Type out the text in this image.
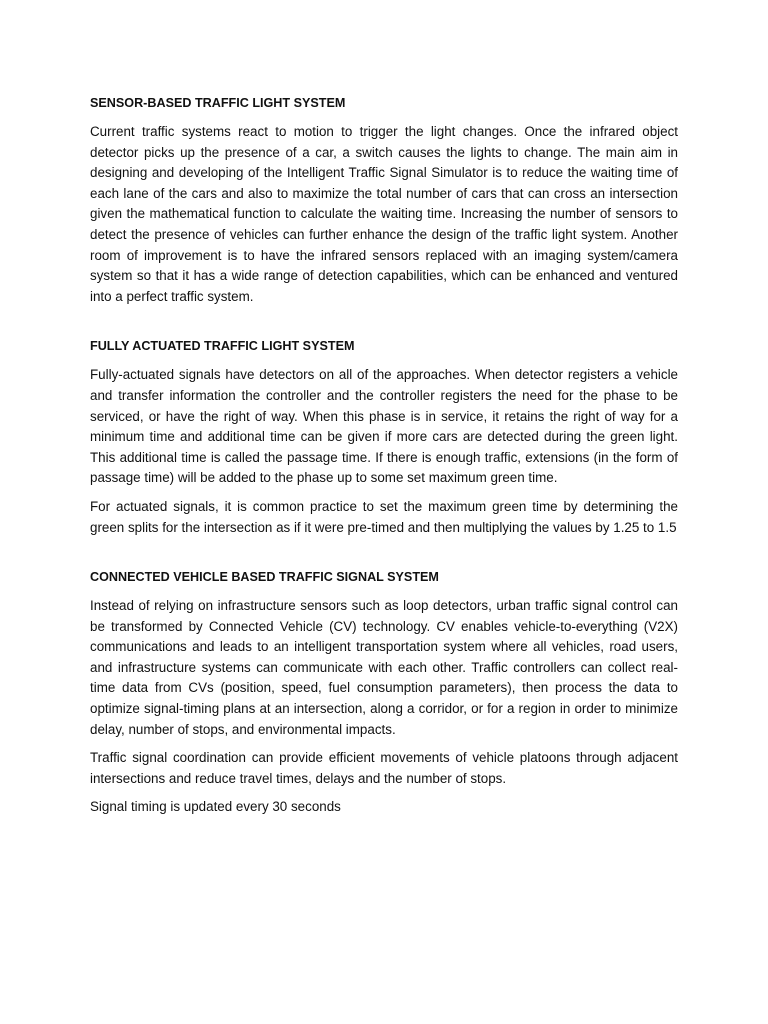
SENSOR-BASED TRAFFIC LIGHT SYSTEM

Current traffic systems react to motion to trigger the light changes. Once the infrared object detector picks up the presence of a car, a switch causes the lights to change. The main aim in designing and developing of the Intelligent Traffic Signal Simulator is to reduce the waiting time of each lane of the cars and also to maximize the total number of cars that can cross an intersection given the mathematical function to calculate the waiting time. Increasing the number of sensors to detect the presence of vehicles can further enhance the design of the traffic light system. Another room of improvement is to have the infrared sensors replaced with an imaging system/camera system so that it has a wide range of detection capabilities, which can be enhanced and ventured into a perfect traffic system.

FULLY ACTUATED TRAFFIC LIGHT SYSTEM

Fully-actuated signals have detectors on all of the approaches. When detector registers a vehicle and transfer information the controller and the controller registers the need for the phase to be serviced, or have the right of way. When this phase is in service, it retains the right of way for a minimum time and additional time can be given if more cars are detected during the green light. This additional time is called the passage time. If there is enough traffic, extensions (in the form of passage time) will be added to the phase up to some set maximum green time.

For actuated signals, it is common practice to set the maximum green time by determining the green splits for the intersection as if it were pre-timed and then multiplying the values by 1.25 to 1.5

CONNECTED VEHICLE BASED TRAFFIC SIGNAL SYSTEM

Instead of relying on infrastructure sensors such as loop detectors, urban traffic signal control can be transformed by Connected Vehicle (CV) technology. CV enables vehicle-to-everything (V2X) communications and leads to an intelligent transportation system where all vehicles, road users, and infrastructure systems can communicate with each other. Traffic controllers can collect real-time data from CVs (position, speed, fuel consumption parameters), then process the data to optimize signal-timing plans at an intersection, along a corridor, or for a region in order to minimize delay, number of stops, and environmental impacts.

Traffic signal coordination can provide efficient movements of vehicle platoons through adjacent intersections and reduce travel times, delays and the number of stops.

Signal timing is updated every 30 seconds
